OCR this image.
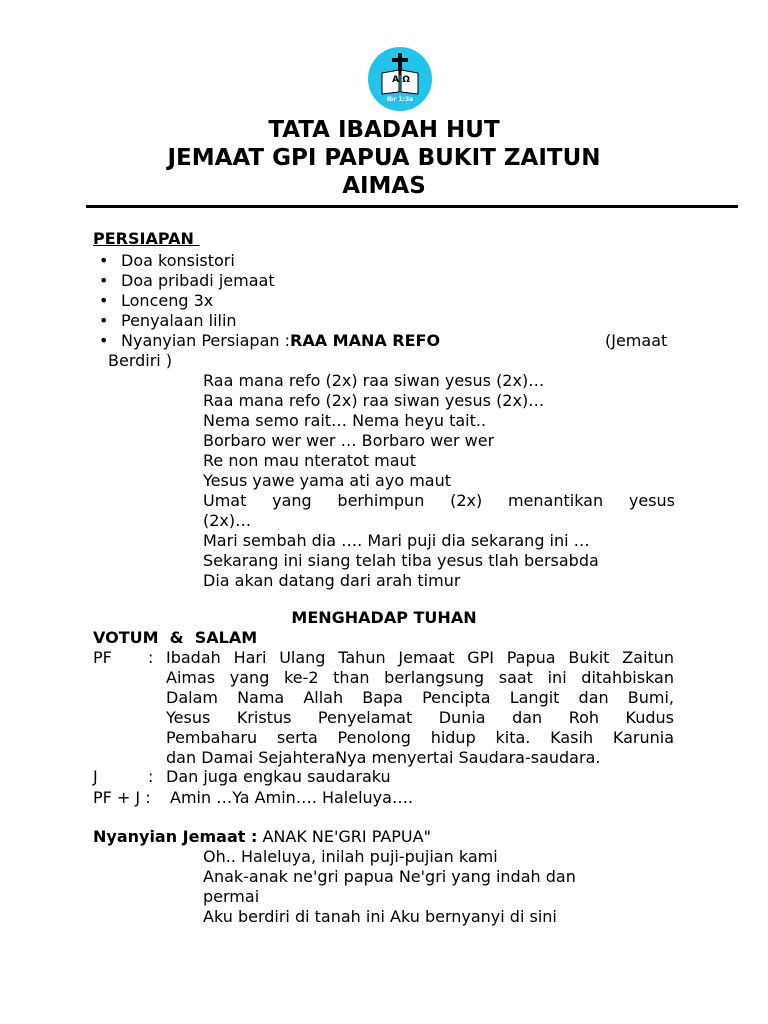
A Ω
Ibr 1:3a
TATA IBADAH HUT
JEMAAT GPI PAPUA BUKIT ZAITUN
AIMAS
PERSIAPAN
• Doa konsistori
• Doa pribadi jemaat
• Lonceng 3x
• Penyalaan lilin
• Nyanyian Persiapan :RAA MANA REFO	(Jemaat
Berdiri )
Raa mana refo (2x) raa siwan yesus (2x)…
Raa mana refo (2x) raa siwan yesus (2x)…
Nema semo rait… Nema heyu tait..
Borbaro wer wer … Borbaro wer wer
Re non mau nteratot maut
Yesus yawe yama ati ayo maut
Umat yang berhimpun (2x) menantikan yesus
(2x)…
Mari sembah dia …. Mari puji dia sekarang ini …
Sekarang ini siang telah tiba yesus tlah bersabda
Dia akan datang dari arah timur
MENGHADAP TUHAN
VOTUM  &  SALAM
PF : Ibadah Hari Ulang Tahun Jemaat GPI Papua Bukit Zaitun
Aimas yang ke-2 than berlangsung saat ini ditahbiskan
Dalam Nama Allah Bapa Pencipta Langit dan Bumi,
Yesus Kristus Penyelamat Dunia dan Roh Kudus
Pembaharu serta Penolong hidup kita. Kasih Karunia
dan Damai SejahteraNya menyertai Saudara-saudara.
J	: Dan juga engkau saudaraku
PF + J : Amin …Ya Amin…. Haleluya….
Nyanyian Jemaat : ANAK NE'GRI PAPUA"
Oh.. Haleluya, inilah puji-pujian kami
Anak-anak ne'gri papua Ne'gri yang indah dan
permai
Aku berdiri di tanah ini Aku bernyanyi di sini
